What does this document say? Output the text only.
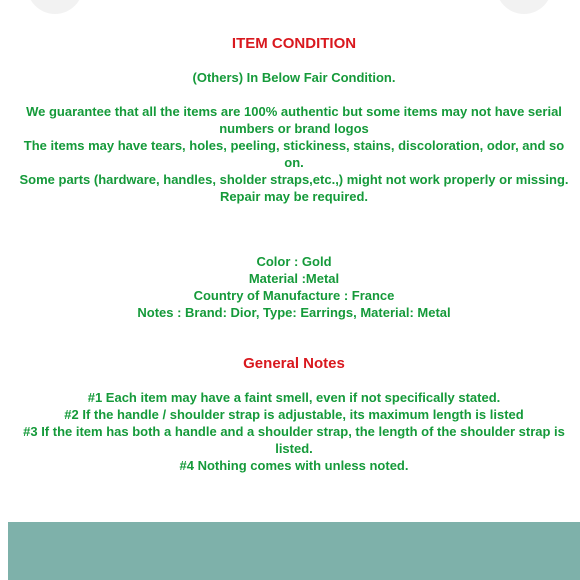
ITEM CONDITION
(Others) In Below Fair Condition.
We guarantee that all the items are 100% authentic but some items may not have serial
numbers or brand logos
The items may have tears, holes, peeling, stickiness, stains, discoloration, odor, and so
on.
Some parts (hardware, handles, sholder straps,etc.,) might not work properly or missing.
Repair may be required.
Color : Gold
Material :Metal
Country of Manufacture : France
Notes : Brand: Dior, Type: Earrings, Material: Metal
General Notes
#1 Each item may have a faint smell, even if not specifically stated.
#2 If the handle / shoulder strap is adjustable, its maximum length is listed
#3 If the item has both a handle and a shoulder strap, the length of the shoulder strap is
listed.
#4 Nothing comes with unless noted.
